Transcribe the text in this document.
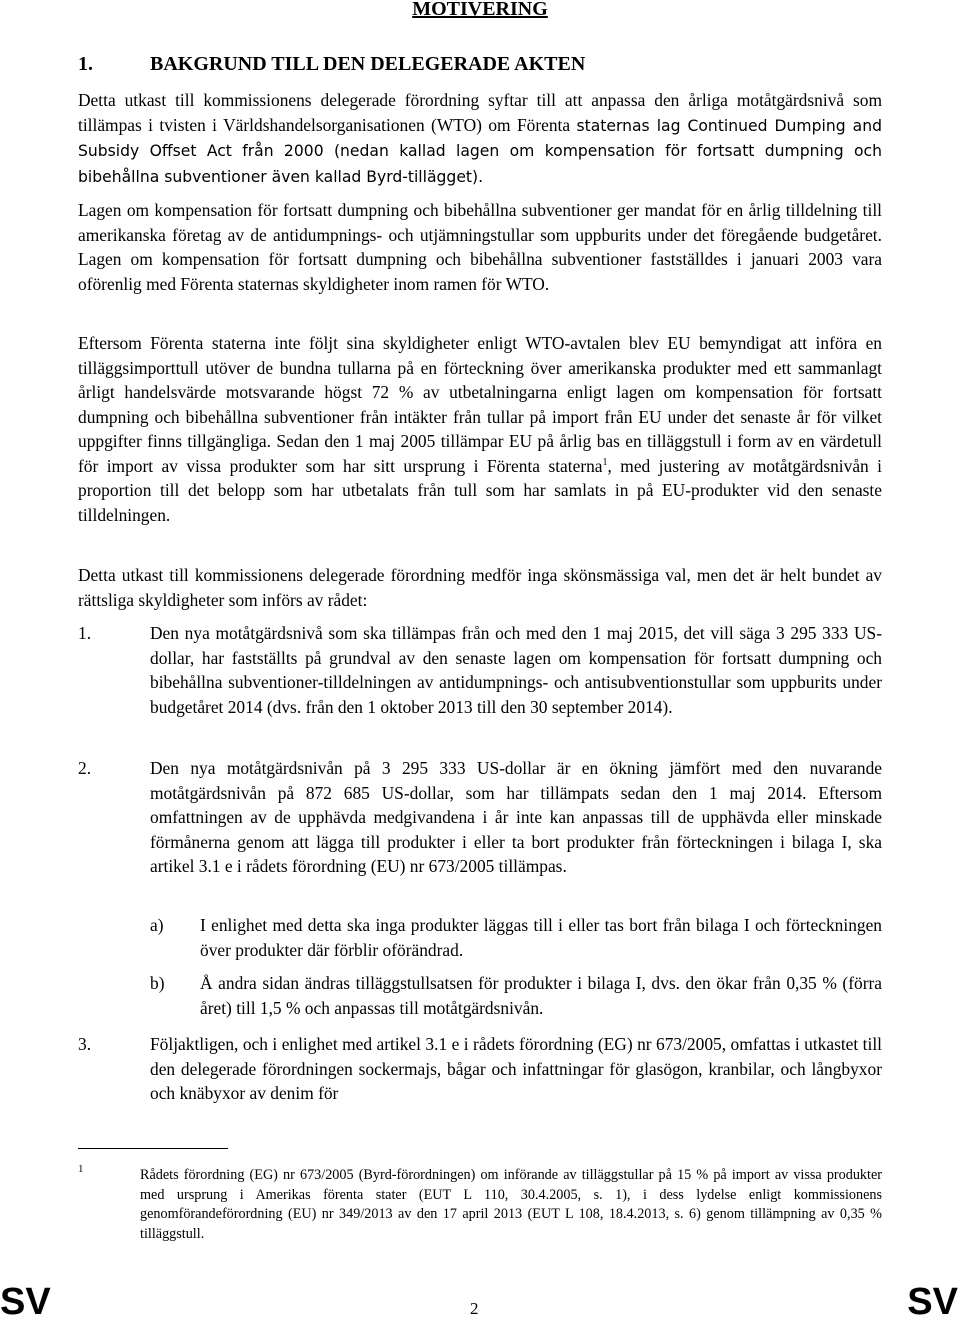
MOTIVERING
1.	BAKGRUND TILL DEN DELEGERADE AKTEN

Detta utkast till kommissionens delegerade förordning syftar till att anpassa den årliga motåtgärdsnivå som tillämpas i tvisten i Världshandelsorganisationen (WTO) om Förenta staternas lag Continued Dumping and Subsidy Offset Act från 2000 (nedan kallad lagen om kompensation för fortsatt dumpning och bibehållna subventioner även kallad Byrd-tillägget).

Lagen om kompensation för fortsatt dumpning och bibehållna subventioner ger mandat för en årlig tilldelning till amerikanska företag av de antidumpnings- och utjämningstullar som uppburits under det föregående budgetåret. Lagen om kompensation för fortsatt dumpning och bibehållna subventioner fastställdes i januari 2003 vara oförenlig med Förenta staternas skyldigheter inom ramen för WTO.

Eftersom Förenta staterna inte följt sina skyldigheter enligt WTO-avtalen blev EU bemyndigat att införa en tilläggsimporttull utöver de bundna tullarna på en förteckning över amerikanska produkter med ett sammanlagt årligt handelsvärde motsvarande högst 72 % av utbetalningarna enligt lagen om kompensation för fortsatt dumpning och bibehållna subventioner från intäkter från tullar på import från EU under det senaste år för vilket uppgifter finns tillgängliga. Sedan den 1 maj 2005 tillämpar EU på årlig bas en tilläggstull i form av en värdetull för import av vissa produkter som har sitt ursprung i Förenta staterna$^1$, med justering av motåtgärdsnivån i proportion till det belopp som har utbetalats från tull som har samlats in på EU-produkter vid den senaste tilldelningen.

Detta utkast till kommissionens delegerade förordning medför inga skönsmässiga val, men det är helt bundet av rättsliga skyldigheter som införs av rådet:

1.	Den nya motåtgärdsnivå som ska tillämpas från och med den 1 maj 2015, det vill säga 3 295 333 US-dollar, har fastställts på grundval av den senaste lagen om kompensation för fortsatt dumpning och bibehållna subventioner-tilldelningen av antidumpnings- och antisubventionstullar som uppburits under budgetåret 2014 (dvs. från den 1 oktober 2013 till den 30 september 2014).
2.	Den nya motåtgärdsnivån på 3 295 333 US-dollar är en ökning jämfört med den nuvarande motåtgärdsnivån på 872 685 US-dollar, som har tillämpats sedan den 1 maj 2014. Eftersom omfattningen av de upphävda medgivandena i år inte kan anpassas till de upphävda eller minskade förmånerna genom att lägga till produkter i eller ta bort produkter från förteckningen i bilaga I, ska artikel 3.1 e i rådets förordning (EU) nr 673/2005 tillämpas.
a) I enlighet med detta ska inga produkter läggas till i eller tas bort från bilaga I och förteckningen över produkter där förblir oförändrad.
b) Å andra sidan ändras tilläggstullsatsen för produkter i bilaga I, dvs. den ökar från 0,35 % (förra året) till 1,5 % och anpassas till motåtgärdsnivån.
3.	Följaktligen, och i enlighet med artikel 3.1 e i rådets förordning (EG) nr 673/2005, omfattas i utkastet till den delegerade förordningen sockermajs, bågar och infattningar för glasögon, kranbilar, och långbyxor och knäbyxor av denim för
1	Rådets förordning (EG) nr 673/2005 (Byrd-förordningen) om införande av tilläggstullar på 15 % på import av vissa produkter med ursprung i Amerikas förenta stater (EUT L 110, 30.4.2005, s. 1), i dess lydelse enligt kommissionens genomförandeförordning (EU) nr 349/2013 av den 17 april 2013 (EUT L 108, 18.4.2013, s. 6) genom tillämpning av 0,35 % tilläggstull.
SV	2	SV
